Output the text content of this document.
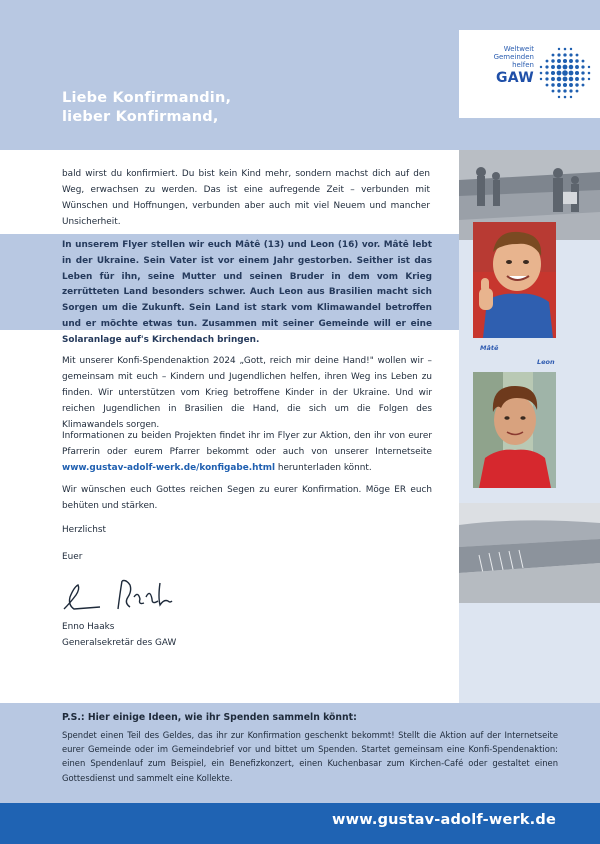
Liebe Konfirmandin,
lieber Konfirmand,
Weltweit
Gemeinden
helfen
GAW
Mâtê
Leon

bald wirst du konfirmiert. Du bist kein Kind mehr, sondern machst dich auf den Weg, erwachsen zu werden. Das ist eine aufregende Zeit – verbunden mit Wünschen und Hoffnungen, verbunden aber auch mit viel Neuem und mancher Unsicherheit.

In unserem Flyer stellen wir euch Mâtê (13) und Leon (16) vor. Mâtê lebt in der Ukraine. Sein Vater ist vor einem Jahr gestorben. Seither ist das Leben für ihn, seine Mutter und seinen Bruder in dem vom Krieg zerrütteten Land besonders schwer. Auch Leon aus Brasilien macht sich Sorgen um die Zukunft. Sein Land ist stark vom Klimawandel betroffen und er möchte etwas tun. Zusammen mit seiner Gemeinde will er eine Solaranlage auf's Kirchendach bringen.

Mit unserer Konfi-Spendenaktion 2024 „Gott, reich mir deine Hand!" wollen wir – gemeinsam mit euch – Kindern und Jugendlichen helfen, ihren Weg ins Leben zu finden. Wir unterstützen vom Krieg betroffene Kinder in der Ukraine. Und wir reichen Jugendlichen in Brasilien die Hand, die sich um die Folgen des Klimawandels sorgen.

Informationen zu beiden Projekten findet ihr im Flyer zur Aktion, den ihr von eurer Pfarrerin oder eurem Pfarrer bekommt oder auch von unserer Internetseite www.gustav-adolf-werk.de/konfigabe.html herunterladen könnt.

Wir wünschen euch Gottes reichen Segen zu eurer Konfirmation. Möge ER euch behüten und stärken.

Herzlichst

Euer

Enno Haaks
Generalsekretär des GAW
P.S.: Hier einige Ideen, wie ihr Spenden sammeln könnt:

Spendet einen Teil des Geldes, das ihr zur Konfirmation geschenkt bekommt! Stellt die Aktion auf der Internetseite eurer Gemeinde oder im Gemeindebrief vor und bittet um Spenden. Startet gemeinsam eine Konfi-Spendenaktion: einen Spendenlauf zum Beispiel, ein Benefizkonzert, einen Kuchenbasar zum Kirchen-Café oder gestaltet einen Gottesdienst und sammelt eine Kollekte.

www.gustav-adolf-werk.de
